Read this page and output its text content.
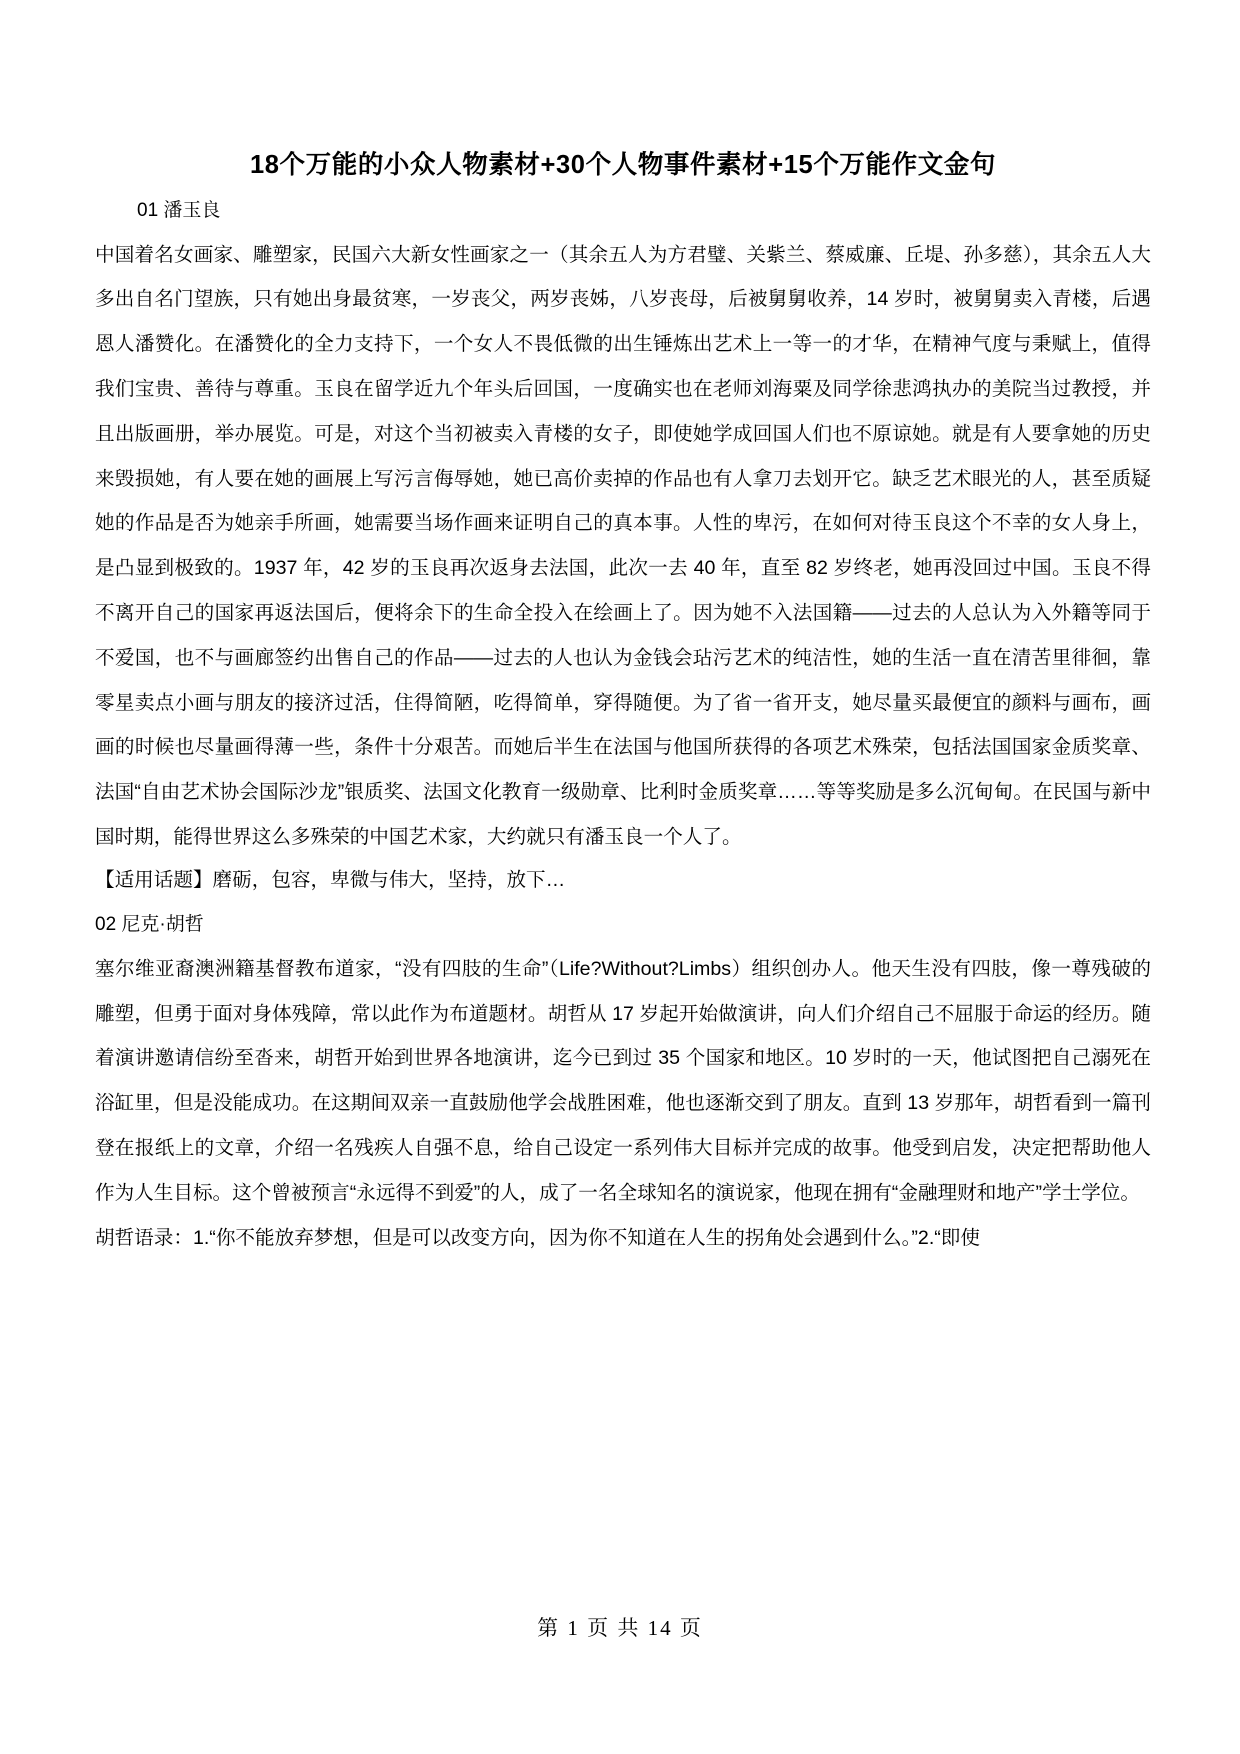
18个万能的小众人物素材+30个人物事件素材+15个万能作文金句
01 潘玉良

中国着名女画家、雕塑家，民国六大新女性画家之一（其余五人为方君璧、关紫兰、蔡威廉、丘堤、孙多慈），其余五人大多出自名门望族，只有她出身最贫寒，一岁丧父，两岁丧姊，八岁丧母，后被舅舅收养，14 岁时，被舅舅卖入青楼，后遇恩人潘赞化。在潘赞化的全力支持下，一个女人不畏低微的出生锤炼出艺术上一等一的才华，在精神气度与秉赋上，值得我们宝贵、善待与尊重。玉良在留学近九个年头后回国，一度确实也在老师刘海粟及同学徐悲鸿执办的美院当过教授，并且出版画册，举办展览。可是，对这个当初被卖入青楼的女子，即使她学成回国人们也不原谅她。就是有人要拿她的历史来毁损她，有人要在她的画展上写污言侮辱她，她已高价卖掉的作品也有人拿刀去划开它。缺乏艺术眼光的人，甚至质疑她的作品是否为她亲手所画，她需要当场作画来证明自己的真本事。人性的卑污，在如何对待玉良这个不幸的女人身上，是凸显到极致的。1937 年，42 岁的玉良再次返身去法国，此次一去 40 年，直至 82 岁终老，她再没回过中国。玉良不得不离开自己的国家再返法国后，便将余下的生命全投入在绘画上了。因为她不入法国籍——过去的人总认为入外籍等同于不爱国，也不与画廊签约出售自己的作品——过去的人也认为金钱会玷污艺术的纯洁性，她的生活一直在清苦里徘徊，靠零星卖点小画与朋友的接济过活，住得简陋，吃得简单，穿得随便。为了省一省开支，她尽量买最便宜的颜料与画布，画画的时候也尽量画得薄一些，条件十分艰苦。而她后半生在法国与他国所获得的各项艺术殊荣，包括法国国家金质奖章、法国“自由艺术协会国际沙龙”银质奖、法国文化教育一级勋章、比利时金质奖章……等等奖励是多么沉甸甸。在民国与新中国时期，能得世界这么多殊荣的中国艺术家，大约就只有潘玉良一个人了。

【适用话题】磨砺，包容，卑微与伟大，坚持，放下…

02 尼克·胡哲

塞尔维亚裔澳洲籍基督教布道家，“没有四肢的生命”（Life?Without?Limbs）组织创办人。他天生没有四肢，像一尊残破的雕塑，但勇于面对身体残障，常以此作为布道题材。胡哲从 17 岁起开始做演讲，向人们介绍自己不屈服于命运的经历。随着演讲邀请信纷至沓来，胡哲开始到世界各地演讲，迄今已到过 35 个国家和地区。10 岁时的一天，他试图把自己溺死在浴缸里，但是没能成功。在这期间双亲一直鼓励他学会战胜困难，他也逐渐交到了朋友。直到 13 岁那年，胡哲看到一篇刊登在报纸上的文章，介绍一名残疾人自强不息，给自己设定一系列伟大目标并完成的故事。他受到启发，决定把帮助他人作为人生目标。这个曾被预言“永远得不到爱”的人，成了一名全球知名的演说家，他现在拥有“金融理财和地产”学士学位。

胡哲语录：1.“你不能放弃梦想，但是可以改变方向，因为你不知道在人生的拐角处会遇到什么。”2.“即使

第 1 页 共 14 页
